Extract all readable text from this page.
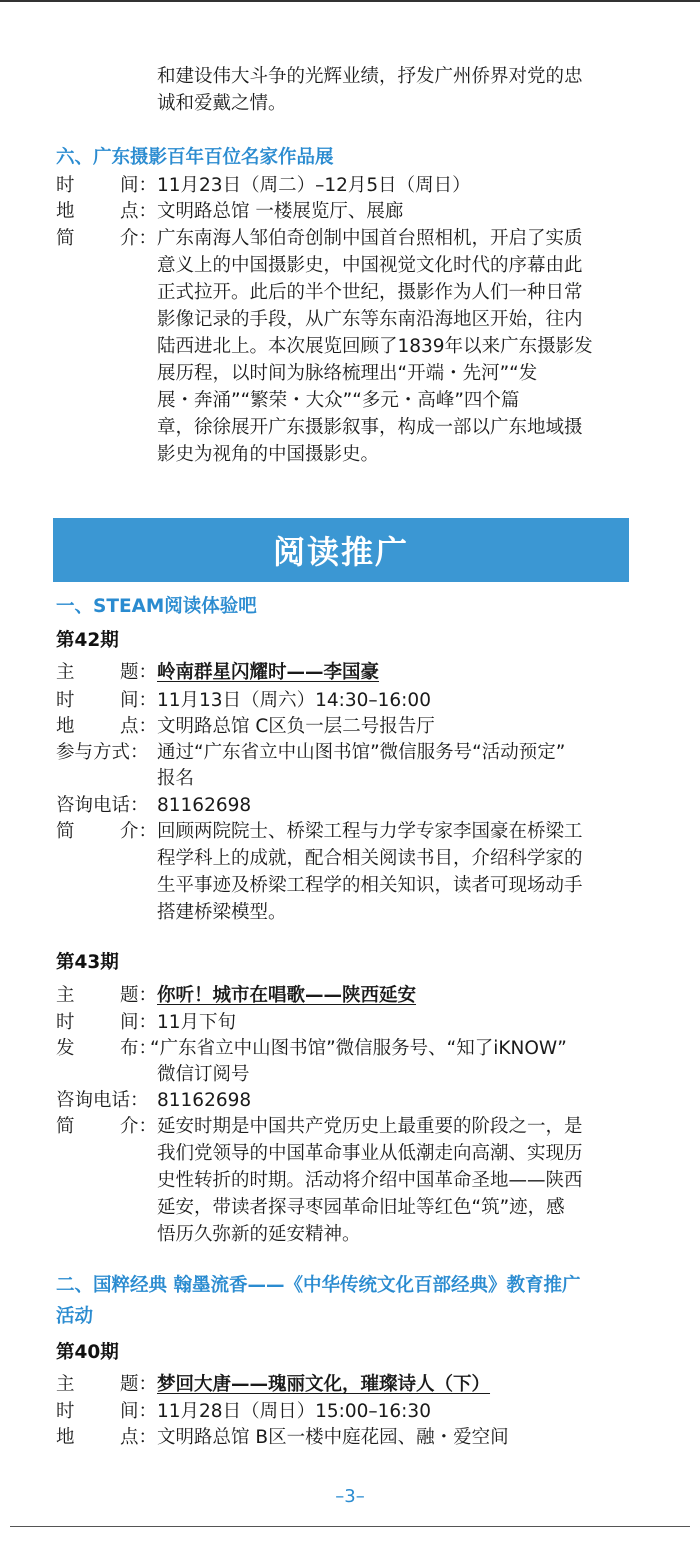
和建设伟大斗争的光辉业绩，抒发广州侨界对党的忠
诚和爱戴之情。
六、广东摄影百年百位名家作品展
时 间： 11月23日（周二）–12月5日（周日）
地 点： 文明路总馆 一楼展览厅、展廊
简 介： 广东南海人邹伯奇创制中国首台照相机，开启了实质
意义上的中国摄影史，中国视觉文化时代的序幕由此
正式拉开。此后的半个世纪，摄影作为人们一种日常
影像记录的手段，从广东等东南沿海地区开始，往内
陆西进北上。本次展览回顾了1839年以来广东摄影发
展历程，以时间为脉络梳理出“开端・先河”“发
展・奔涌”“繁荣・大众”“多元・高峰”四个篇
章，徐徐展开广东摄影叙事，构成一部以广东地域摄
影史为视角的中国摄影史。
阅读推广
一、STEAM阅读体验吧
第42期
主 题： 岭南群星闪耀时——李国豪
时 间： 11月13日（周六）14:30–16:00
地 点： 文明路总馆 C区负一层二号报告厅
参与方式： 通过“广东省立中山图书馆”微信服务号“活动预定”
报名
咨询电话： 81162698
简 介： 回顾两院院士、桥梁工程与力学专家李国豪在桥梁工
程学科上的成就，配合相关阅读书目，介绍科学家的
生平事迹及桥梁工程学的相关知识，读者可现场动手
搭建桥梁模型。
第43期
主 题： 你听！城市在唱歌——陕西延安
时 间： 11月下旬
发 布：
“广东省立中山图书馆”微信服务号、“知了iKNOW”
微信订阅号
咨询电话： 81162698
简 介： 延安时期是中国共产党历史上最重要的阶段之一，是
我们党领导的中国革命事业从低潮走向高潮、实现历
史性转折的时期。活动将介绍中国革命圣地——陕西
延安，带读者探寻枣园革命旧址等红色“筑”迹，感
悟历久弥新的延安精神。
二、国粹经典 翰墨流香——《中华传统文化百部经典》教育推广
活动
第40期
主 题： 梦回大唐——瑰丽文化，璀璨诗人（下）
时 间： 11月28日（周日）15:00–16:30
地 点： 文明路总馆 B区一楼中庭花园、融・爱空间
–3–
